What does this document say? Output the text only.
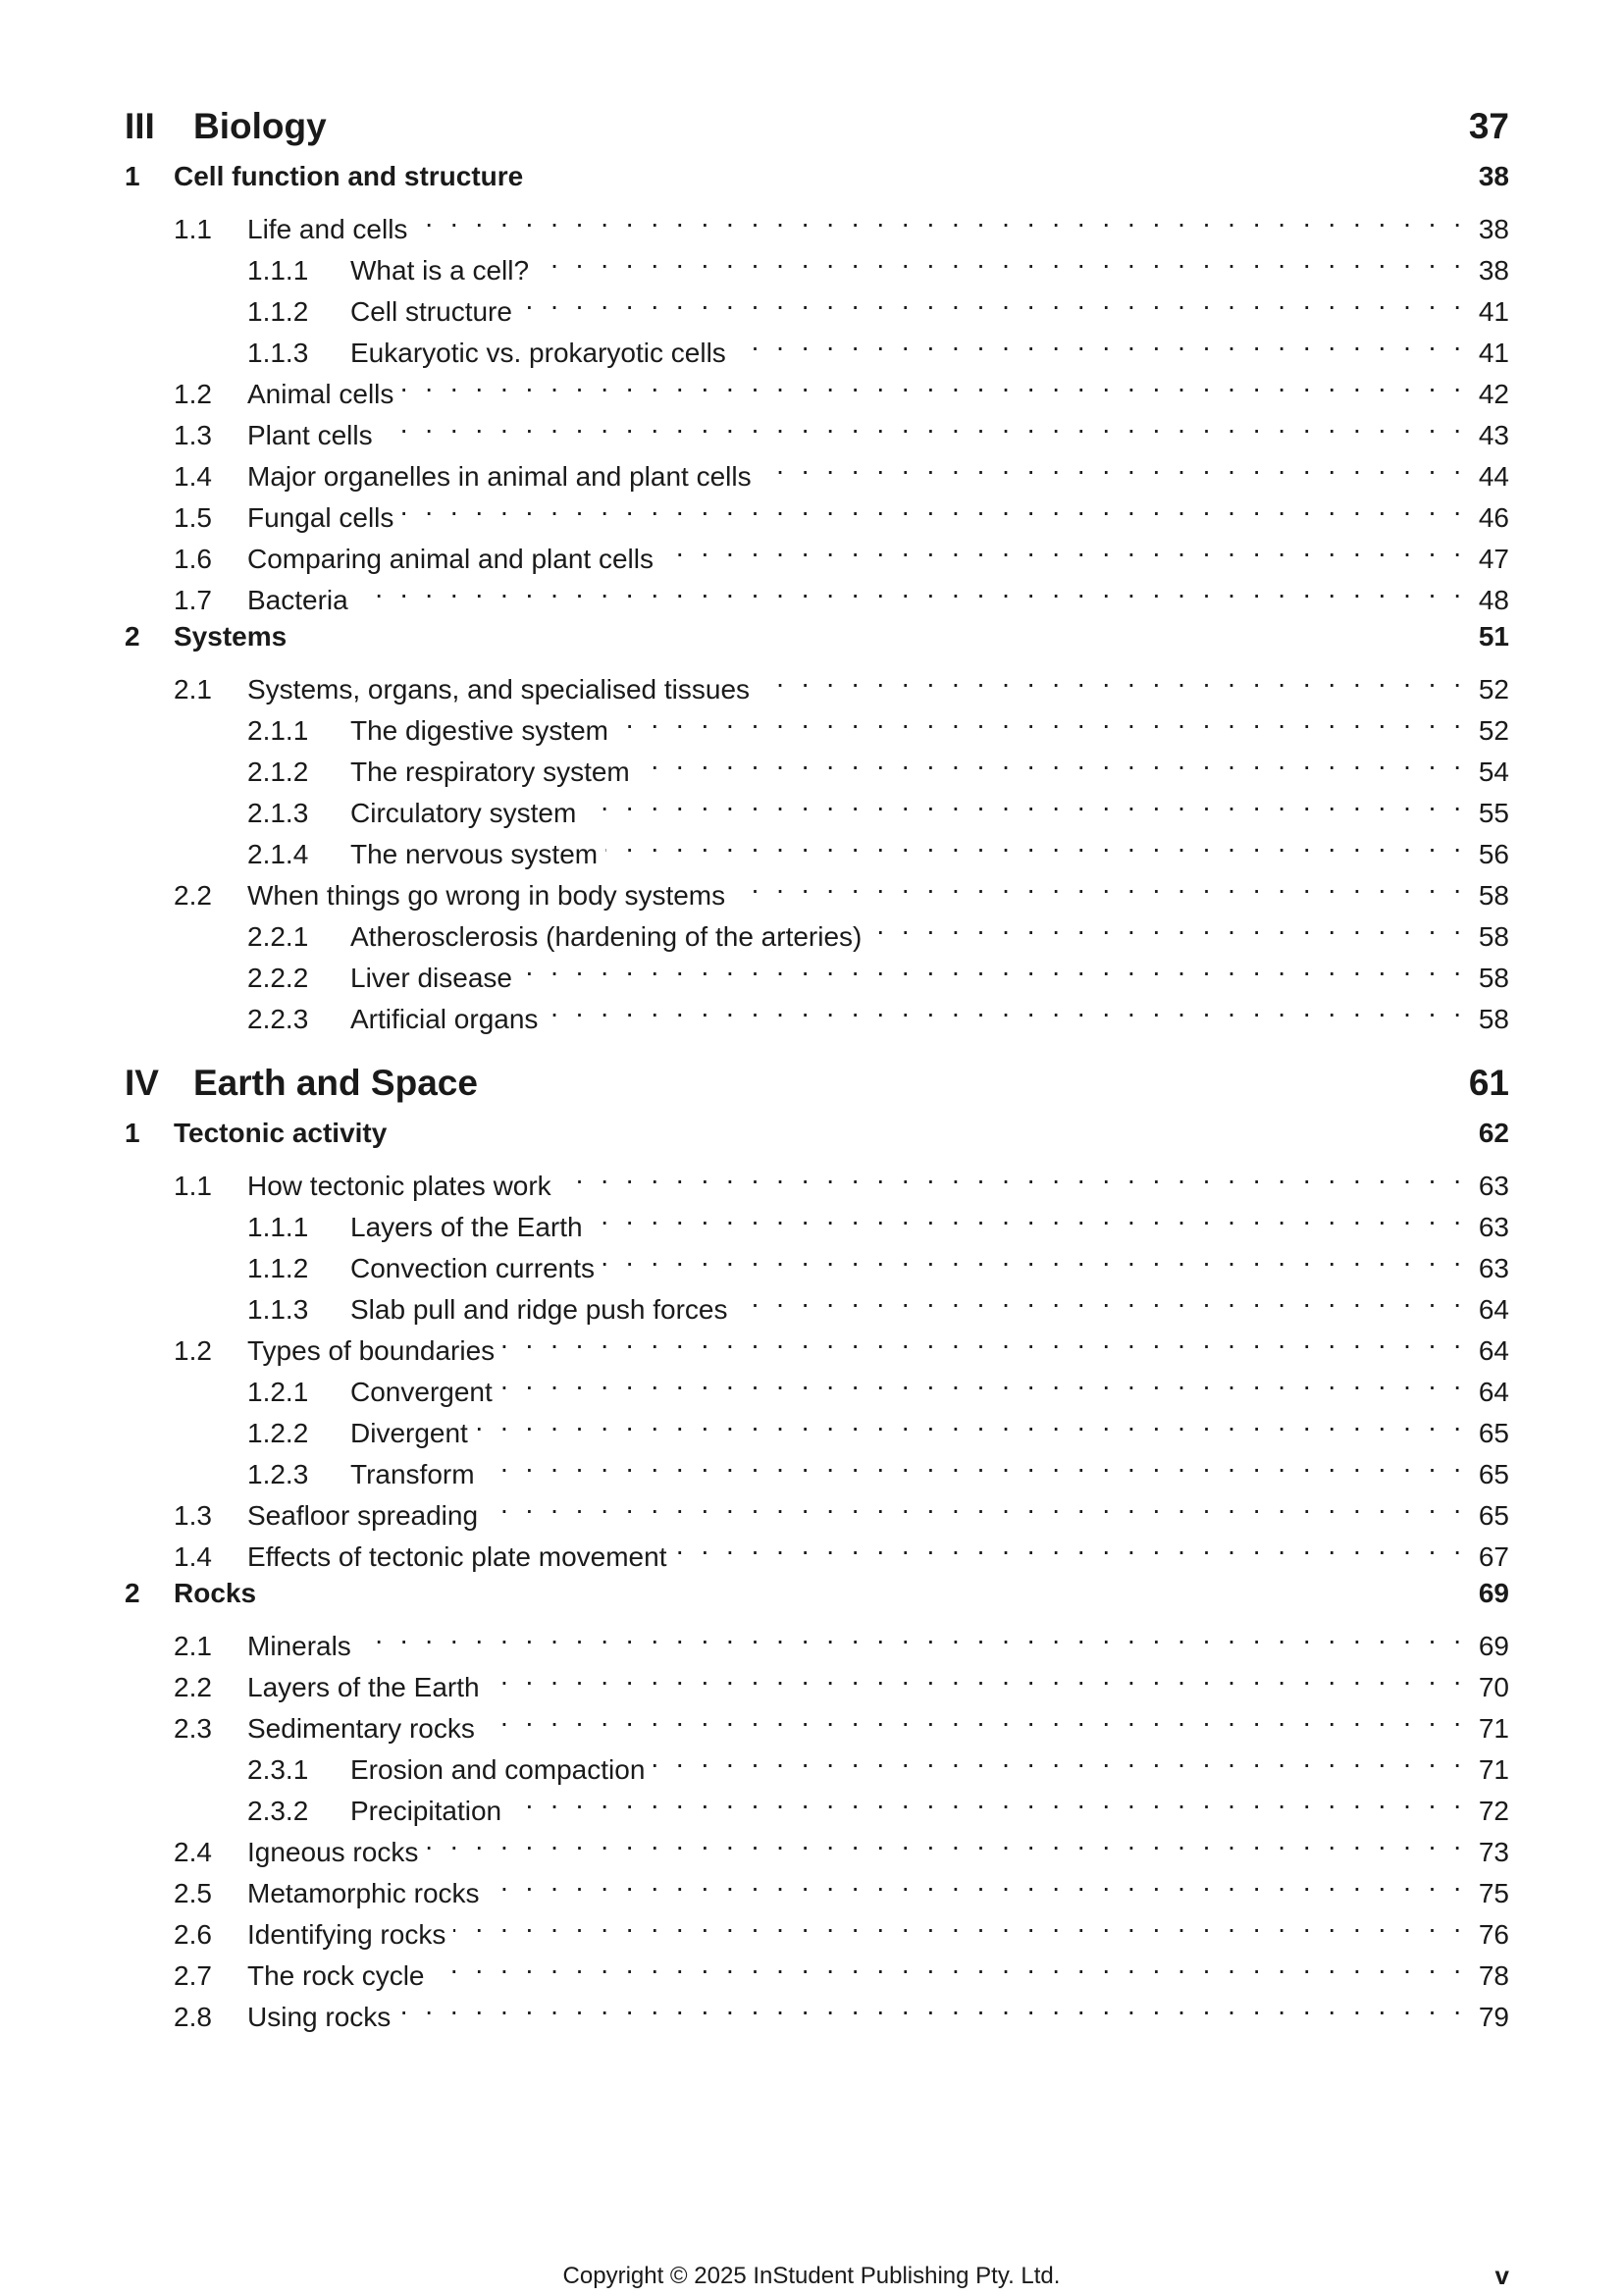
III Biology	37
1 Cell function and structure	38
1.1	Life and cells . . .	38
1.1.1	What is a cell? . . .	38
1.1.2	Cell structure . . .	41
1.1.3	Eukaryotic vs. prokaryotic cells . . .	41
1.2	Animal cells . . .	42
1.3	Plant cells . . .	43
1.4	Major organelles in animal and plant cells . . .	44
1.5	Fungal cells . . .	46
1.6	Comparing animal and plant cells . . .	47
1.7	Bacteria . . .	48
2 Systems	51
2.1	Systems, organs, and specialised tissues . . .	52
2.1.1	The digestive system . . .	52
2.1.2	The respiratory system . . .	54
2.1.3	Circulatory system . . .	55
2.1.4	The nervous system . . .	56
2.2	When things go wrong in body systems . . .	58
2.2.1	Atherosclerosis (hardening of the arteries) . . .	58
2.2.2	Liver disease . . .	58
2.2.3	Artificial organs . . .	58
IV Earth and Space	61
1 Tectonic activity	62
1.1	How tectonic plates work . . .	63
1.1.1	Layers of the Earth . . .	63
1.1.2	Convection currents . . .	63
1.1.3	Slab pull and ridge push forces . . .	64
1.2	Types of boundaries . . .	64
1.2.1	Convergent . . .	64
1.2.2	Divergent . . .	65
1.2.3	Transform . . .	65
1.3	Seafloor spreading . . .	65
1.4	Effects of tectonic plate movement . . .	67
2 Rocks	69
2.1	Minerals . . .	69
2.2	Layers of the Earth . . .	70
2.3	Sedimentary rocks . . .	71
2.3.1	Erosion and compaction . . .	71
2.3.2	Precipitation . . .	72
2.4	Igneous rocks . . .	73
2.5	Metamorphic rocks . . .	75
2.6	Identifying rocks . . .	76
2.7	The rock cycle . . .	78
2.8	Using rocks . . .	79
Copyright © 2025 InStudent Publishing Pty. Ltd.	v
